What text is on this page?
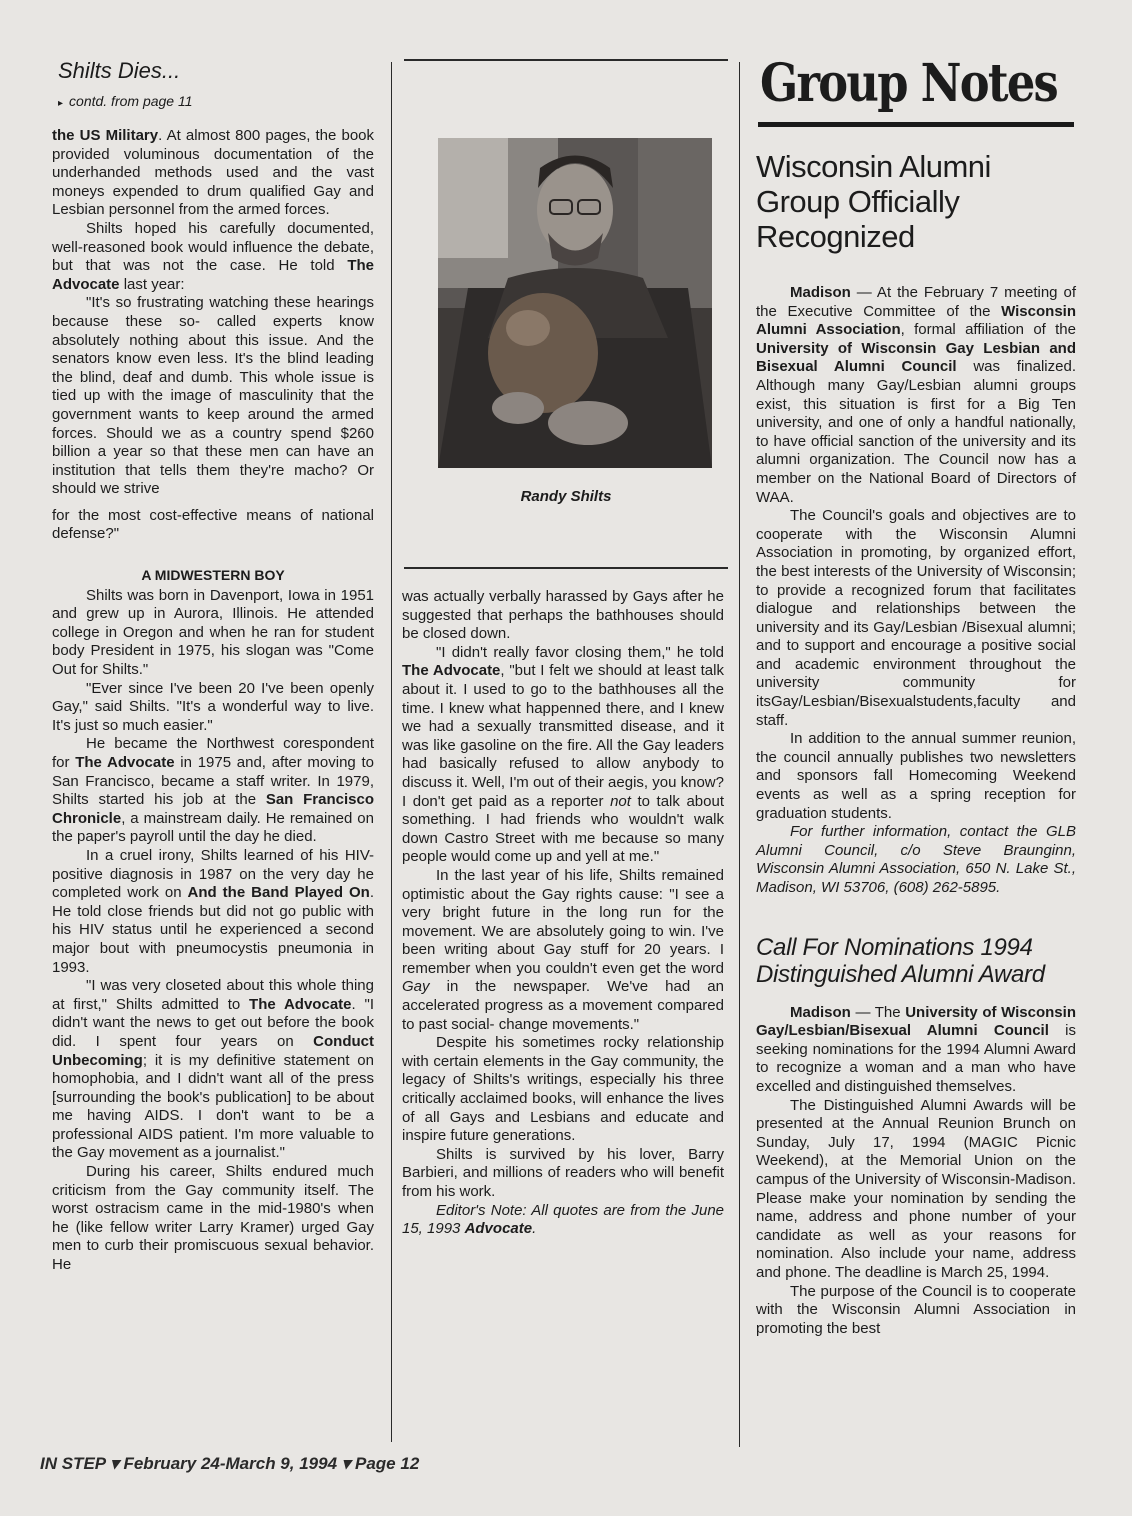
Shilts Dies...
▸ contd. from page 11

the US Military. At almost 800 pages, the book provided voluminous documentation of the underhanded methods used and the vast moneys expended to drum qualified Gay and Lesbian personnel from the armed forces.

Shilts hoped his carefully documented, well-reasoned book would influence the debate, but that was not the case. He told The Advocate last year:

"It's so frustrating watching these hearings because these so- called experts know absolutely nothing about this issue. And the senators know even less. It's the blind leading the blind, deaf and dumb. This whole issue is tied up with the image of masculinity that the government wants to keep around the armed forces. Should we as a country spend $260 billion a year so that these men can have an institution that tells them they're macho? Or should we strive

for the most cost-effective means of national defense?"

A MIDWESTERN BOY

Shilts was born in Davenport, Iowa in 1951 and grew up in Aurora, Illinois. He attended college in Oregon and when he ran for student body President in 1975, his slogan was "Come Out for Shilts."

"Ever since I've been 20 I've been openly Gay," said Shilts. "It's a wonderful way to live. It's just so much easier."

He became the Northwest corespondent for The Advocate in 1975 and, after moving to San Francisco, became a staff writer. In 1979, Shilts started his job at the San Francisco Chronicle, a mainstream daily. He remained on the paper's payroll until the day he died.

In a cruel irony, Shilts learned of his HIV-positive diagnosis in 1987 on the very day he completed work on And the Band Played On. He told close friends but did not go public with his HIV status until he experienced a second major bout with pneumocystis pneumonia in 1993.

"I was very closeted about this whole thing at first," Shilts admitted to The Advocate. "I didn't want the news to get out before the book did. I spent four years on Conduct Unbecoming; it is my definitive statement on homophobia, and I didn't want all of the press [surrounding the book's publication] to be about me having AIDS. I don't want to be a professional AIDS patient. I'm more valuable to the Gay movement as a journalist."

During his career, Shilts endured much criticism from the Gay community itself. The worst ostracism came in the mid-1980's when he (like fellow writer Larry Kramer) urged Gay men to curb their promiscuous sexual behavior. He

Randy Shilts

was actually verbally harassed by Gays after he suggested that perhaps the bathhouses should be closed down.

"I didn't really favor closing them," he told The Advocate, "but I felt we should at least talk about it. I used to go to the bathhouses all the time. I knew what happenned there, and I knew we had a sexually transmitted disease, and it was like gasoline on the fire. All the Gay leaders had basically refused to allow anybody to discuss it. Well, I'm out of their aegis, you know? I don't get paid as a reporter not to talk about something. I had friends who wouldn't walk down Castro Street with me because so many people would come up and yell at me."

In the last year of his life, Shilts remained optimistic about the Gay rights cause: "I see a very bright future in the long run for the movement. We are absolutely going to win. I've been writing about Gay stuff for 20 years. I remember when you couldn't even get the word Gay in the newspaper. We've had an accelerated progress as a movement compared to past social- change movements."

Despite his sometimes rocky relationship with certain elements in the Gay community, the legacy of Shilts's writings, especially his three critically acclaimed books, will enhance the lives of all Gays and Lesbians and educate and inspire future generations.

Shilts is survived by his lover, Barry Barbieri, and millions of readers who will benefit from his work.

Editor's Note: All quotes are from the June 15, 1993 Advocate.

Group Notes
Wisconsin Alumni Group Officially Recognized

Madison — At the February 7 meeting of the Executive Committee of the Wisconsin Alumni Association, formal affiliation of the University of Wisconsin Gay Lesbian and Bisexual Alumni Council was finalized. Although many Gay/Lesbian alumni groups exist, this situation is first for a Big Ten university, and one of only a handful nationally, to have official sanction of the university and its alumni organization. The Council now has a member on the National Board of Directors of WAA.

The Council's goals and objectives are to cooperate with the Wisconsin Alumni Association in promoting, by organized effort, the best interests of the University of Wisconsin; to provide a recognized forum that facilitates dialogue and relationships between the university and its Gay/Lesbian /Bisexual alumni; and to support and encourage a positive social and academic environment throughout the university community for itsGay/Lesbian/Bisexualstudents,faculty and staff.

In addition to the annual summer reunion, the council annually publishes two newsletters and sponsors fall Homecoming Weekend events as well as a spring reception for graduation students.

For further information, contact the GLB Alumni Council, c/o Steve Braunginn, Wisconsin Alumni Association, 650 N. Lake St., Madison, WI 53706, (608) 262-5895.

Call For Nominations 1994 Distinguished Alumni Award

Madison — The University of Wisconsin Gay/Lesbian/Bisexual Alumni Council is seeking nominations for the 1994 Alumni Award to recognize a woman and a man who have excelled and distinguished themselves.

The Distinguished Alumni Awards will be presented at the Annual Reunion Brunch on Sunday, July 17, 1994 (MAGIC Picnic Weekend), at the Memorial Union on the campus of the University of Wisconsin-Madison. Please make your nomination by sending the name, address and phone number of your candidate as well as your reasons for nomination. Also include your name, address and phone. The deadline is March 25, 1994.

The purpose of the Council is to cooperate with the Wisconsin Alumni Association in promoting the best

IN STEP ▾ February 24-March 9, 1994 ▾ Page 12
